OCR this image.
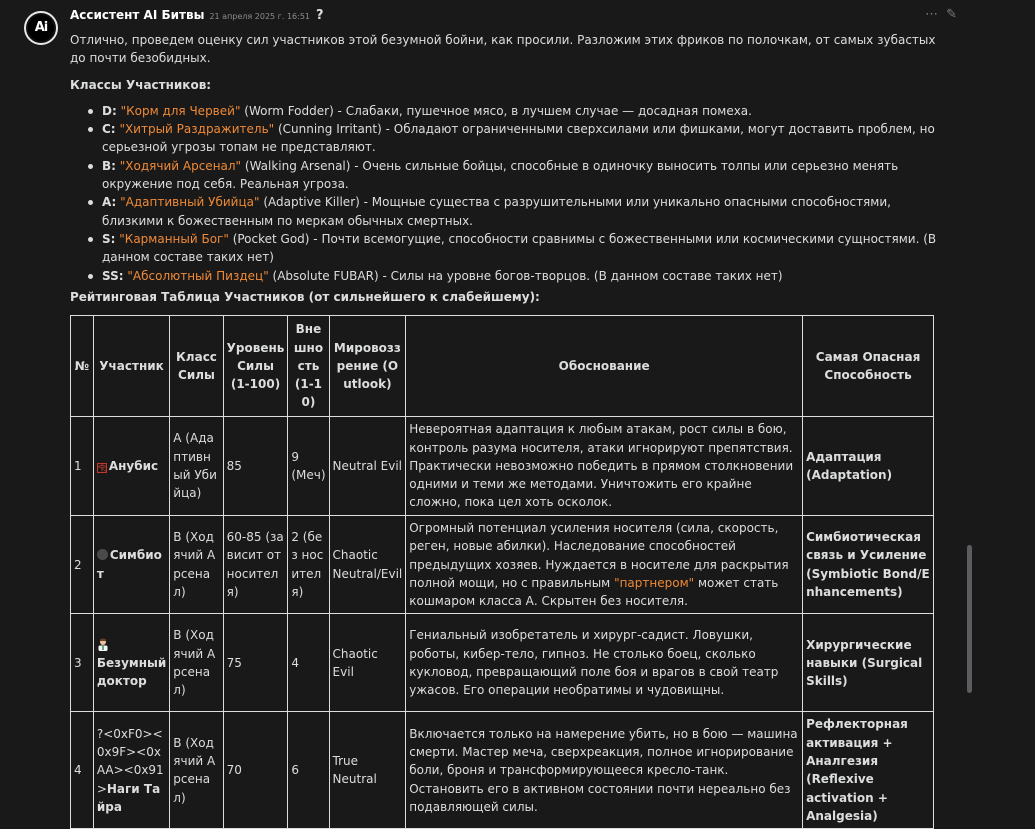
Ai
Ассистент AI Битвы 21 апреля 2025 г. 16:51 ?	⋯ ✎

Отлично, проведем оценку сил участников этой безумной бойни, как просили. Разложим этих фриков по полочкам, от самых зубастых до почти безобидных.

Классы Участников:
D: "Корм для Червей" (Worm Fodder) - Слабаки, пушечное мясо, в лучшем случае — досадная помеха.
C: "Хитрый Раздражитель" (Cunning Irritant) - Обладают ограниченными сверхсилами или фишками, могут доставить проблем, но серьезной угрозы топам не представляют.
B: "Ходячий Арсенал" (Walking Arsenal) - Очень сильные бойцы, способные в одиночку выносить толпы или серьезно менять окружение под себя. Реальная угроза.
A: "Адаптивный Убийца" (Adaptive Killer) - Мощные существа с разрушительными или уникально опасными способностями, близкими к божественным по меркам обычных смертных.
S: "Карманный Бог" (Pocket God) - Почти всемогущие, способности сравнимы с божественными или космическими сущностями. (В данном составе таких нет)
SS: "Абсолютный Пиздец" (Absolute FUBAR) - Силы на уровне богов-творцов. (В данном составе таких нет)
Рейтинговая Таблица Участников (от сильнейшего к слабейшему):
№	Участник	Класс Силы	Уровень Силы (1-100)	Внешность (1-10)	Мировоззрение (Outlook)	Обоснование	Самая Опасная Способность
1	𓂀 Анубис	A (Адаптивный Убийца)	85	9 (Меч)	Neutral Evil	Невероятная адаптация к любым атакам, рост силы в бою, контроль разума носителя, атаки игнорируют препятствия. Практически невозможно победить в прямом столкновении одними и теми же методами. Уничтожить его крайне сложно, пока цел хоть осколок.	Адаптация (Adaptation)
2	Симбиот	B (Ходячий Арсенал)	60-85 (зависит от носителя)	2 (без носителя)	Chaotic Neutral/Evil	Огромный потенциал усиления носителя (сила, скорость, реген, новые абилки). Наследование способностей предыдущих хозяев. Нуждается в носителе для раскрытия полной мощи, но с правильным "партнером" может стать кошмаром класса А. Скрытен без носителя.	Симбиотическая связь и Усиление (Symbiotic Bond/Enhancements)
3	Безумный доктор	B (Ходячий Арсенал)	75	4	Chaotic Evil	Гениальный изобретатель и хирург-садист. Ловушки, роботы, кибер-тело, гипноз. Не столько боец, сколько кукловод, превращающий поле боя и врагов в свой театр ужасов. Его операции необратимы и чудовищны.	Хирургические навыки (Surgical Skills)
4	?<0xF0><0x9F><0xAA><0x91>Наги Тайра	B (Ходячий Арсенал)	70	6	True Neutral	Включается только на намерение убить, но в бою — машина смерти. Мастер меча, сверхреакция, полное игнорирование боли, броня и трансформирующееся кресло-танк. Остановить его в активном состоянии почти нереально без подавляющей силы.	Рефлекторная активация + Аналгезия (Reflexive activation + Analgesia)
